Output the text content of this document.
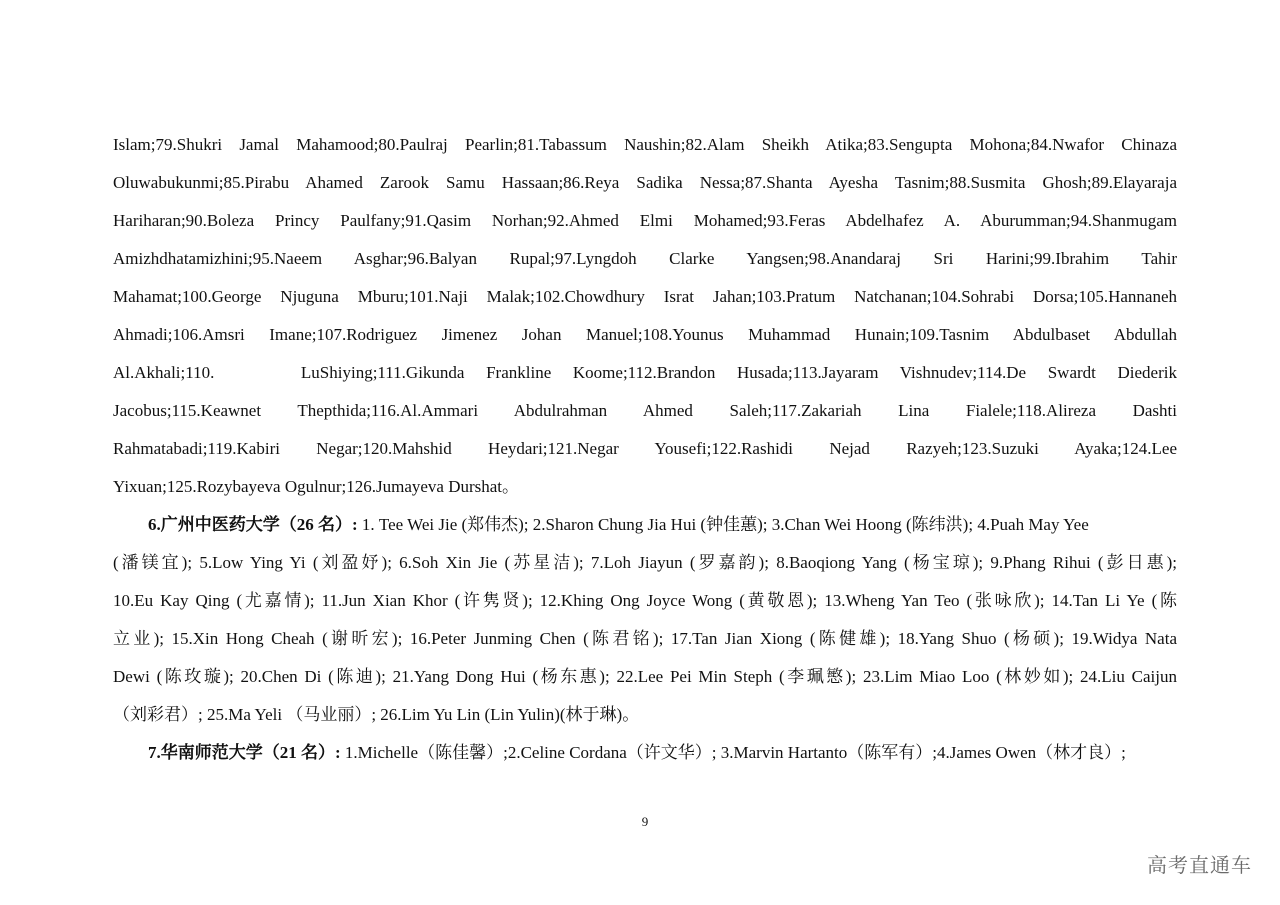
Islam;79.Shukri Jamal Mahamood;80.Paulraj Pearlin;81.Tabassum Naushin;82.Alam Sheikh Atika;83.Sengupta Mohona;84.Nwafor Chinaza
Oluwabukunmi;85.Pirabu Ahamed Zarook Samu Hassaan;86.Reya Sadika Nessa;87.Shanta Ayesha Tasnim;88.Susmita Ghosh;89.Elayaraja
Hariharan;90.Boleza Princy Paulfany;91.Qasim Norhan;92.Ahmed Elmi Mohamed;93.Feras Abdelhafez A. Aburumman;94.Shanmugam
Amizhdhatamizhini;95.Naeem Asghar;96.Balyan Rupal;97.Lyngdoh Clarke Yangsen;98.Anandaraj Sri Harini;99.Ibrahim Tahir
Mahamat;100.George Njuguna Mburu;101.Naji Malak;102.Chowdhury Israt Jahan;103.Pratum Natchanan;104.Sohrabi Dorsa;105.Hannaneh
Ahmadi;106.Amsri Imane;107.Rodriguez Jimenez Johan Manuel;108.Younus Muhammad Hunain;109.Tasnim Abdulbaset Abdullah
Al.Akhali;110.    LuShiying;111.Gikunda Frankline Koome;112.Brandon Husada;113.Jayaram Vishnudev;114.De Swardt Diederik
Jacobus;115.Keawnet Thepthida;116.Al.Ammari Abdulrahman Ahmed Saleh;117.Zakariah Lina Fialele;118.Alireza Dashti
Rahmatabadi;119.Kabiri Negar;120.Mahshid Heydari;121.Negar Yousefi;122.Rashidi Nejad Razyeh;123.Suzuki Ayaka;124.Lee
Yixuan;125.Rozybayeva Ogulnur;126.Jumayeva Durshat。
6.广州中医药大学（26 名）: 1. Tee Wei Jie (郑伟杰); 2.Sharon Chung Jia Hui (钟佳蕙); 3.Chan Wei Hoong (陈纬洪); 4.Puah May Yee
(潘镁宜); 5.Low Ying Yi (刘盈妤); 6.Soh Xin Jie (苏星洁); 7.Loh Jiayun (罗嘉韵); 8.Baoqiong Yang (杨宝琼); 9.Phang Rihui (彭日惠);
10.Eu Kay Qing (尤嘉情); 11.Jun Xian Khor (许隽贤); 12.Khing Ong Joyce Wong (黄敬恩); 13.Wheng Yan Teo (张咏欣); 14.Tan Li Ye (陈
立业); 15.Xin Hong Cheah (谢昕宏); 16.Peter Junming Chen (陈君铭); 17.Tan Jian Xiong (陈健雄); 18.Yang Shuo (杨硕); 19.Widya Nata
Dewi (陈玫璇); 20.Chen Di (陈迪); 21.Yang Dong Hui (杨东惠); 22.Lee Pei Min Steph (李珮慜); 23.Lim Miao Loo (林妙如); 24.Liu Caijun
（刘彩君）; 25.Ma Yeli （马业丽）; 26.Lim Yu Lin (Lin Yulin)(林于琳)。
7.华南师范大学（21 名）: 1.Michelle（陈佳馨）;2.Celine Cordana（许文华）; 3.Marvin Hartanto（陈军有）;4.James Owen（林才良）;
9
高考直通车
